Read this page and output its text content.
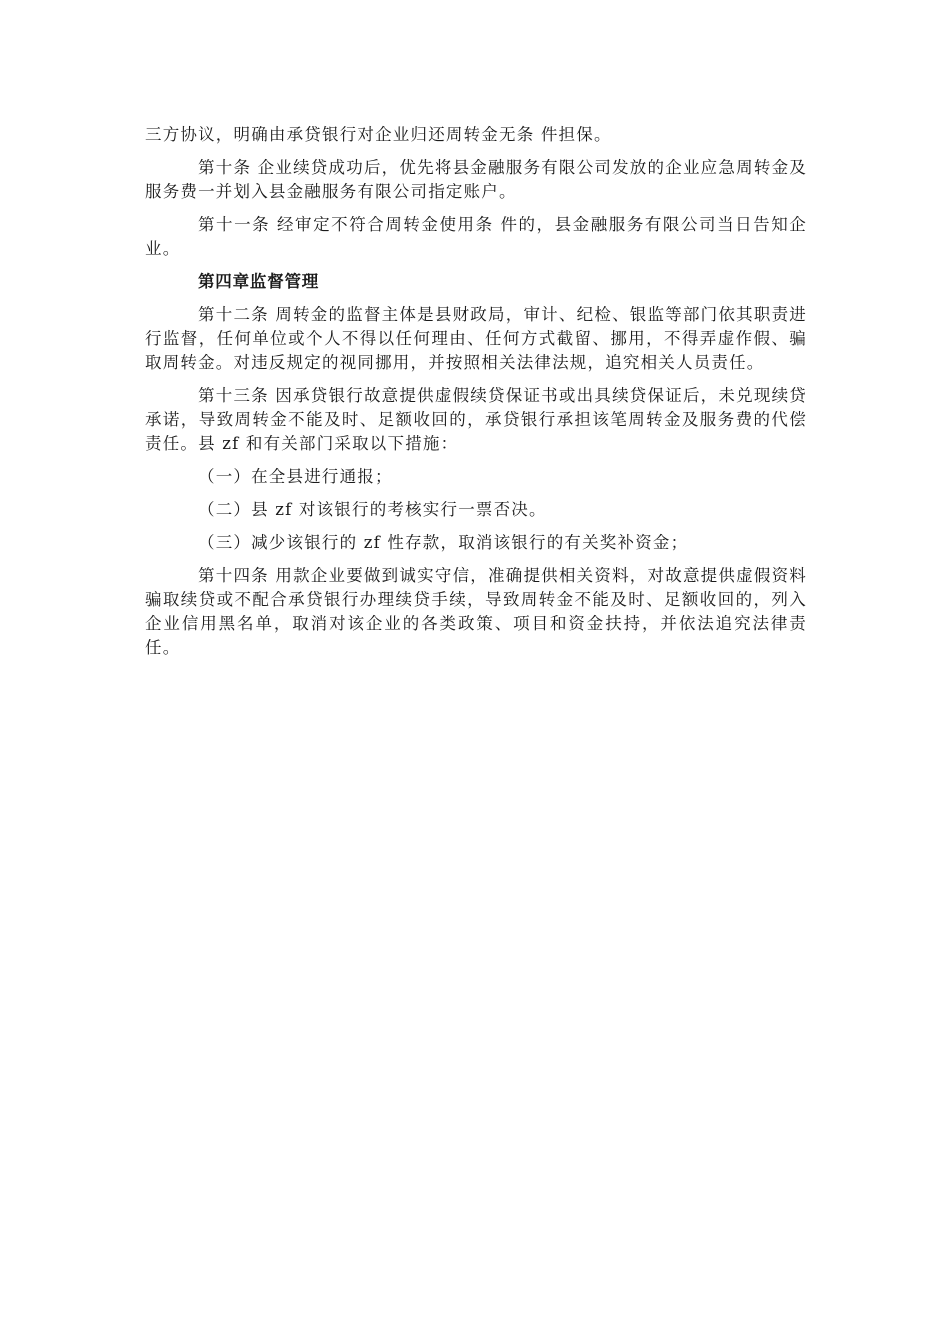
三方协议，明确由承贷银行对企业归还周转金无条 件担保。

第十条 企业续贷成功后，优先将县金融服务有限公司发放的企业应急周转金及服务费一并划入县金融服务有限公司指定账户。

第十一条 经审定不符合周转金使用条 件的，县金融服务有限公司当日告知企业。

第四章监督管理

第十二条 周转金的监督主体是县财政局，审计、纪检、银监等部门依其职责进行监督，任何单位或个人不得以任何理由、任何方式截留、挪用，不得弄虚作假、骗取周转金。对违反规定的视同挪用，并按照相关法律法规，追究相关人员责任。

第十三条 因承贷银行故意提供虚假续贷保证书或出具续贷保证后，未兑现续贷承诺，导致周转金不能及时、足额收回的，承贷银行承担该笔周转金及服务费的代偿责任。县 zf 和有关部门采取以下措施：

（一）在全县进行通报；

（二）县 zf 对该银行的考核实行一票否决。

（三）减少该银行的 zf 性存款，取消该银行的有关奖补资金；

第十四条 用款企业要做到诚实守信，准确提供相关资料，对故意提供虚假资料骗取续贷或不配合承贷银行办理续贷手续，导致周转金不能及时、足额收回的，列入企业信用黑名单，取消对该企业的各类政策、项目和资金扶持，并依法追究法律责任。
